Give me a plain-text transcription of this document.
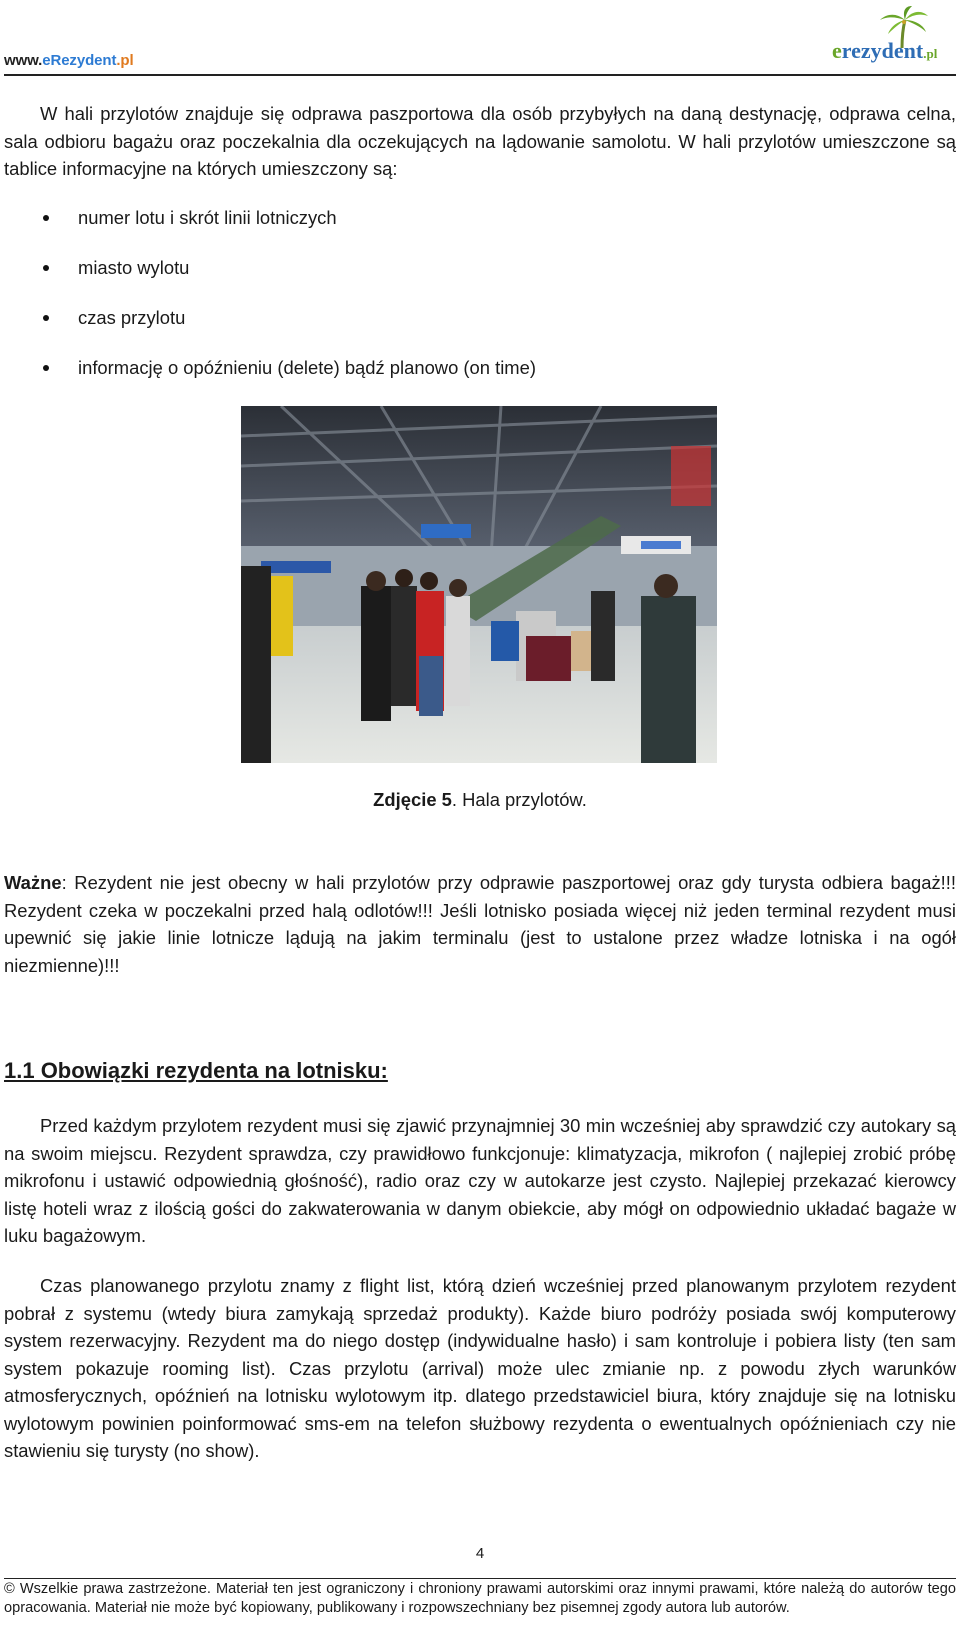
www.eRezydent.pl	erezydent.pl

W hali przylotów znajduje się odprawa paszportowa dla osób przybyłych na daną destynację, odprawa celna, sala odbioru bagażu oraz poczekalnia dla oczekujących na lądowanie samolotu. W hali przylotów umieszczone są tablice informacyjne na których umieszczony są:

numer lotu i skrót linii lotniczych
miasto wylotu
czas przylotu
informację o opóźnieniu (delete) bądź planowo (on time)
Zdjęcie 5. Hala przylotów.

Ważne: Rezydent nie jest obecny w hali przylotów przy odprawie paszportowej oraz gdy turysta odbiera bagaż!!! Rezydent czeka w poczekalni przed halą odlotów!!! Jeśli lotnisko posiada więcej niż jeden terminal rezydent musi upewnić się jakie linie lotnicze lądują na jakim terminalu (jest to ustalone przez władze lotniska i na ogół niezmienne)!!!

1.1 Obowiązki rezydenta na lotnisku:

Przed każdym przylotem rezydent musi się zjawić przynajmniej 30 min wcześniej aby sprawdzić czy autokary są na swoim miejscu. Rezydent sprawdza, czy prawidłowo funkcjonuje: klimatyzacja, mikrofon ( najlepiej zrobić próbę mikrofonu i ustawić odpowiednią głośność), radio oraz czy w autokarze jest czysto. Najlepiej przekazać kierowcy listę hoteli wraz z ilością gości do zakwaterowania w danym obiekcie, aby mógł on odpowiednio układać bagaże w luku bagażowym.

Czas planowanego przylotu znamy z flight list, którą dzień wcześniej przed planowanym przylotem rezydent pobrał z systemu (wtedy biura zamykają sprzedaż produkty). Każde biuro podróży posiada swój komputerowy system rezerwacyjny. Rezydent ma do niego dostęp (indywidualne hasło) i sam kontroluje i pobiera listy (ten sam system pokazuje rooming list). Czas przylotu (arrival) może ulec zmianie np. z powodu złych warunków atmosferycznych, opóźnień na lotnisku wylotowym itp. dlatego przedstawiciel biura, który znajduje się na lotnisku wylotowym powinien poinformować sms-em na telefon służbowy rezydenta o ewentualnych opóźnieniach czy nie stawieniu się turysty (no show).

4
© Wszelkie prawa zastrzeżone. Materiał ten jest ograniczony i chroniony prawami autorskimi oraz innymi prawami, które należą do autorów tego opracowania. Materiał nie może być kopiowany, publikowany i rozpowszechniany bez pisemnej zgody autora lub autorów.
